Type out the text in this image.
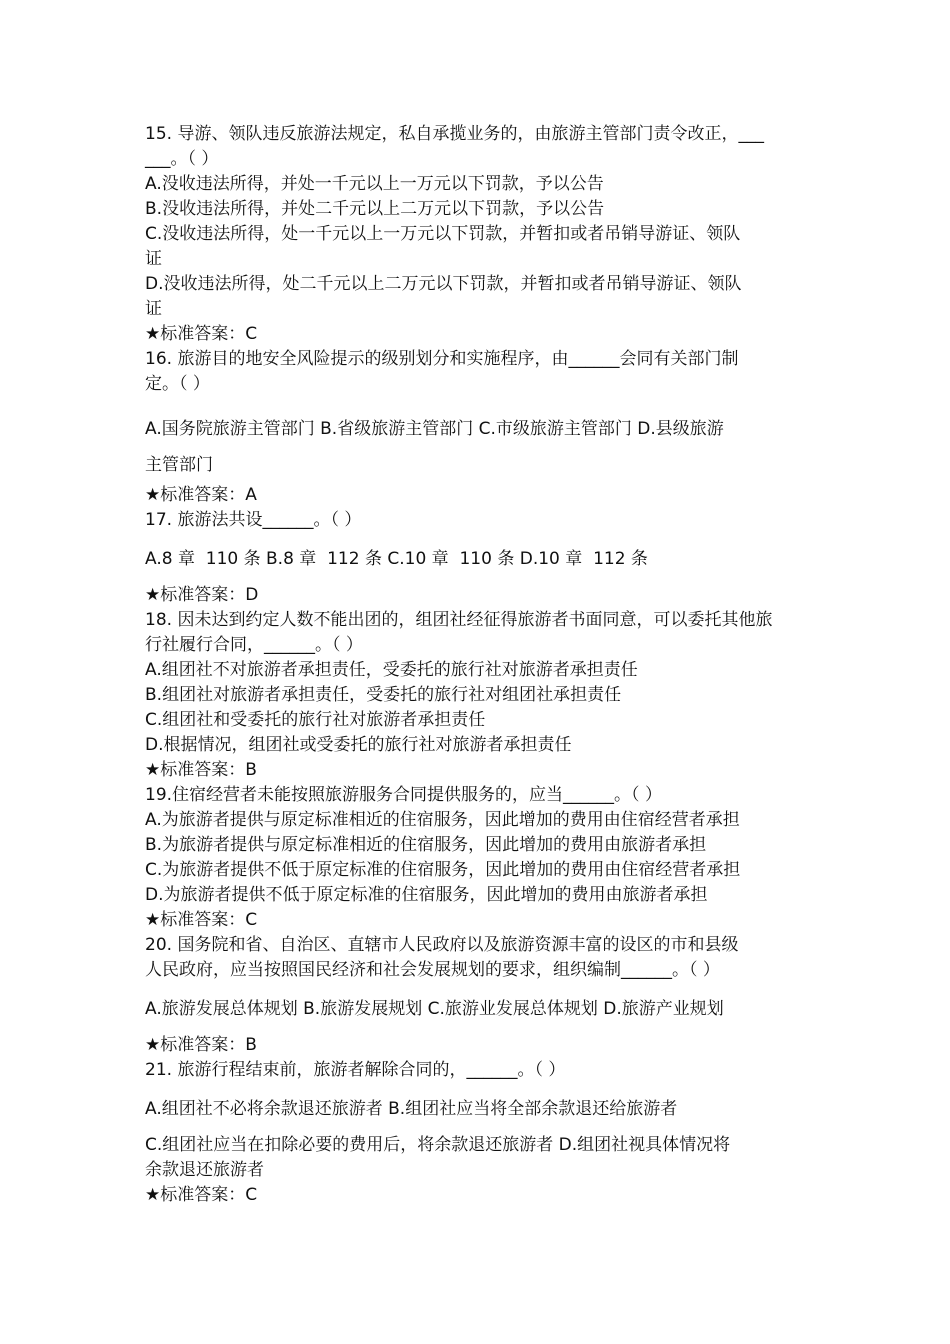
15. 导游、领队违反旅游法规定，私自承揽业务的，由旅游主管部门责令改正，___

___。（ ）

A.没收违法所得，并处一千元以上一万元以下罚款，予以公告

B.没收违法所得，并处二千元以上二万元以下罚款，予以公告

C.没收违法所得，处一千元以上一万元以下罚款，并暂扣或者吊销导游证、领队

证

D.没收违法所得，处二千元以上二万元以下罚款，并暂扣或者吊销导游证、领队

证

★标准答案：C

16. 旅游目的地安全风险提示的级别划分和实施程序，由______会同有关部门制

定。（ ）

A.国务院旅游主管部门 B.省级旅游主管部门 C.市级旅游主管部门 D.县级旅游

主管部门

★标准答案：A

17. 旅游法共设______。（ ）

A.8 章  110 条 B.8 章  112 条 C.10 章  110 条 D.10 章  112 条

★标准答案：D

18. 因未达到约定人数不能出团的，组团社经征得旅游者书面同意，可以委托其他旅

行社履行合同，______。（ ）

A.组团社不对旅游者承担责任，受委托的旅行社对旅游者承担责任

B.组团社对旅游者承担责任，受委托的旅行社对组团社承担责任

C.组团社和受委托的旅行社对旅游者承担责任

D.根据情况，组团社或受委托的旅行社对旅游者承担责任

★标准答案：B

19.住宿经营者未能按照旅游服务合同提供服务的，应当______。（ ）

A.为旅游者提供与原定标准相近的住宿服务，因此增加的费用由住宿经营者承担

B.为旅游者提供与原定标准相近的住宿服务，因此增加的费用由旅游者承担

C.为旅游者提供不低于原定标准的住宿服务，因此增加的费用由住宿经营者承担

D.为旅游者提供不低于原定标准的住宿服务，因此增加的费用由旅游者承担

★标准答案：C

20. 国务院和省、自治区、直辖市人民政府以及旅游资源丰富的设区的市和县级

人民政府，应当按照国民经济和社会发展规划的要求，组织编制______。（ ）

A.旅游发展总体规划 B.旅游发展规划 C.旅游业发展总体规划 D.旅游产业规划

★标准答案：B

21. 旅游行程结束前，旅游者解除合同的，______。（ ）

A.组团社不必将余款退还旅游者 B.组团社应当将全部余款退还给旅游者

C.组团社应当在扣除必要的费用后，将余款退还旅游者 D.组团社视具体情况将

余款退还旅游者

★标准答案：C
